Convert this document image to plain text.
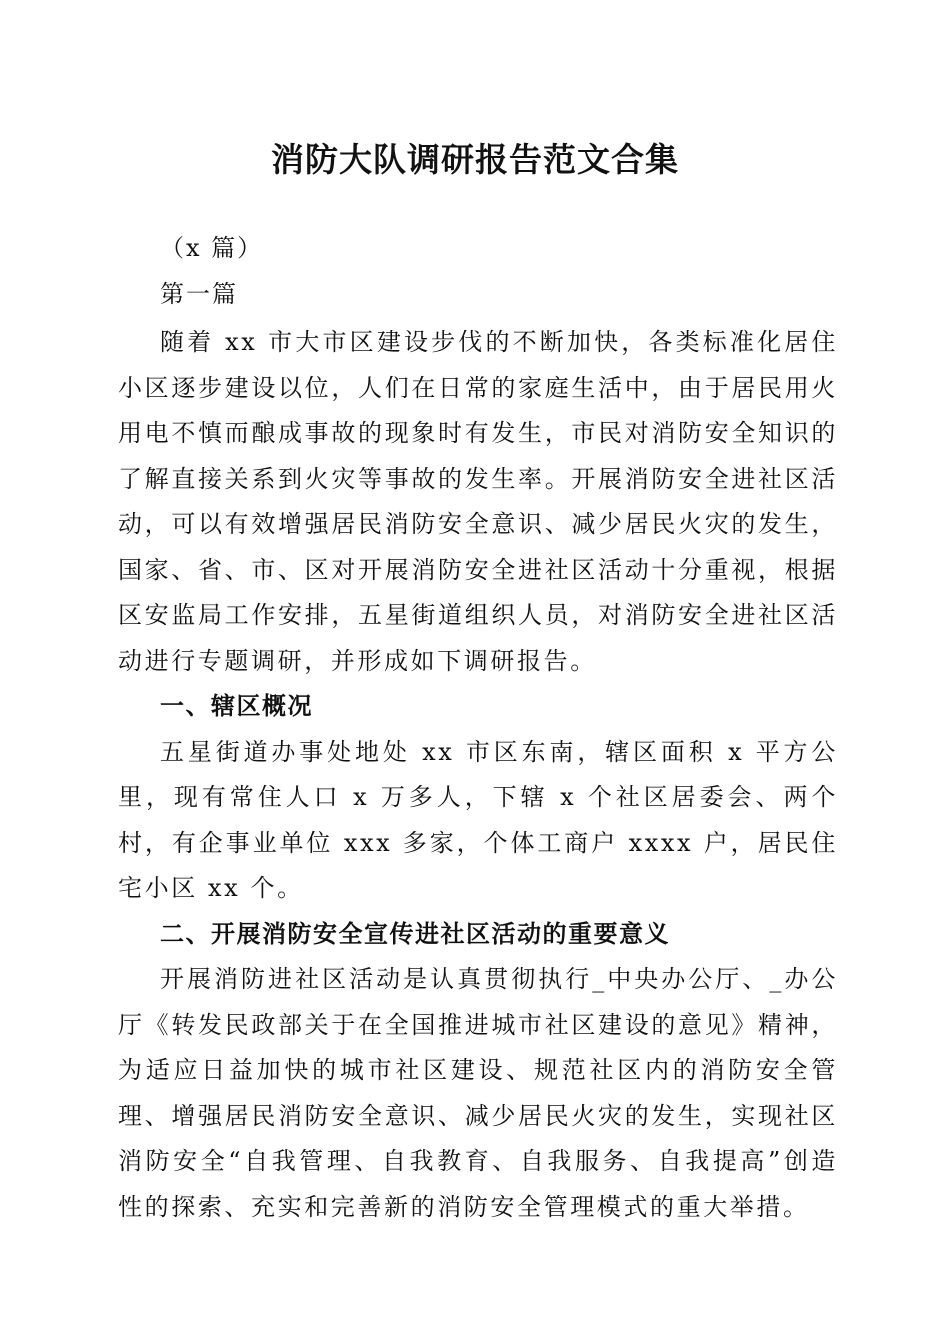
消防大队调研报告范文合集
（x 篇）
第一篇

随着 xx 市大市区建设步伐的不断加快，各类标准化居住小区逐步建设以位，人们在日常的家庭生活中，由于居民用火用电不慎而酿成事故的现象时有发生，市民对消防安全知识的了解直接关系到火灾等事故的发生率。开展消防安全进社区活动，可以有效增强居民消防安全意识、减少居民火灾的发生，国家、省、市、区对开展消防安全进社区活动十分重视，根据区安监局工作安排，五星街道组织人员，对消防安全进社区活动进行专题调研，并形成如下调研报告。

一、辖区概况

五星街道办事处地处 xx 市区东南，辖区面积 x 平方公里，现有常住人口 x 万多人，下辖 x 个社区居委会、两个村，有企事业单位 xxx 多家，个体工商户 xxxx 户，居民住宅小区 xx 个。

二、开展消防安全宣传进社区活动的重要意义

开展消防进社区活动是认真贯彻执行_中央办公厅、_办公厅《转发民政部关于在全国推进城市社区建设的意见》精神，为适应日益加快的城市社区建设、规范社区内的消防安全管理、增强居民消防安全意识、减少居民火灾的发生，实现社区消防安全“自我管理、自我教育、自我服务、自我提高”创造性的探索、充实和完善新的消防安全管理模式的重大举措。
